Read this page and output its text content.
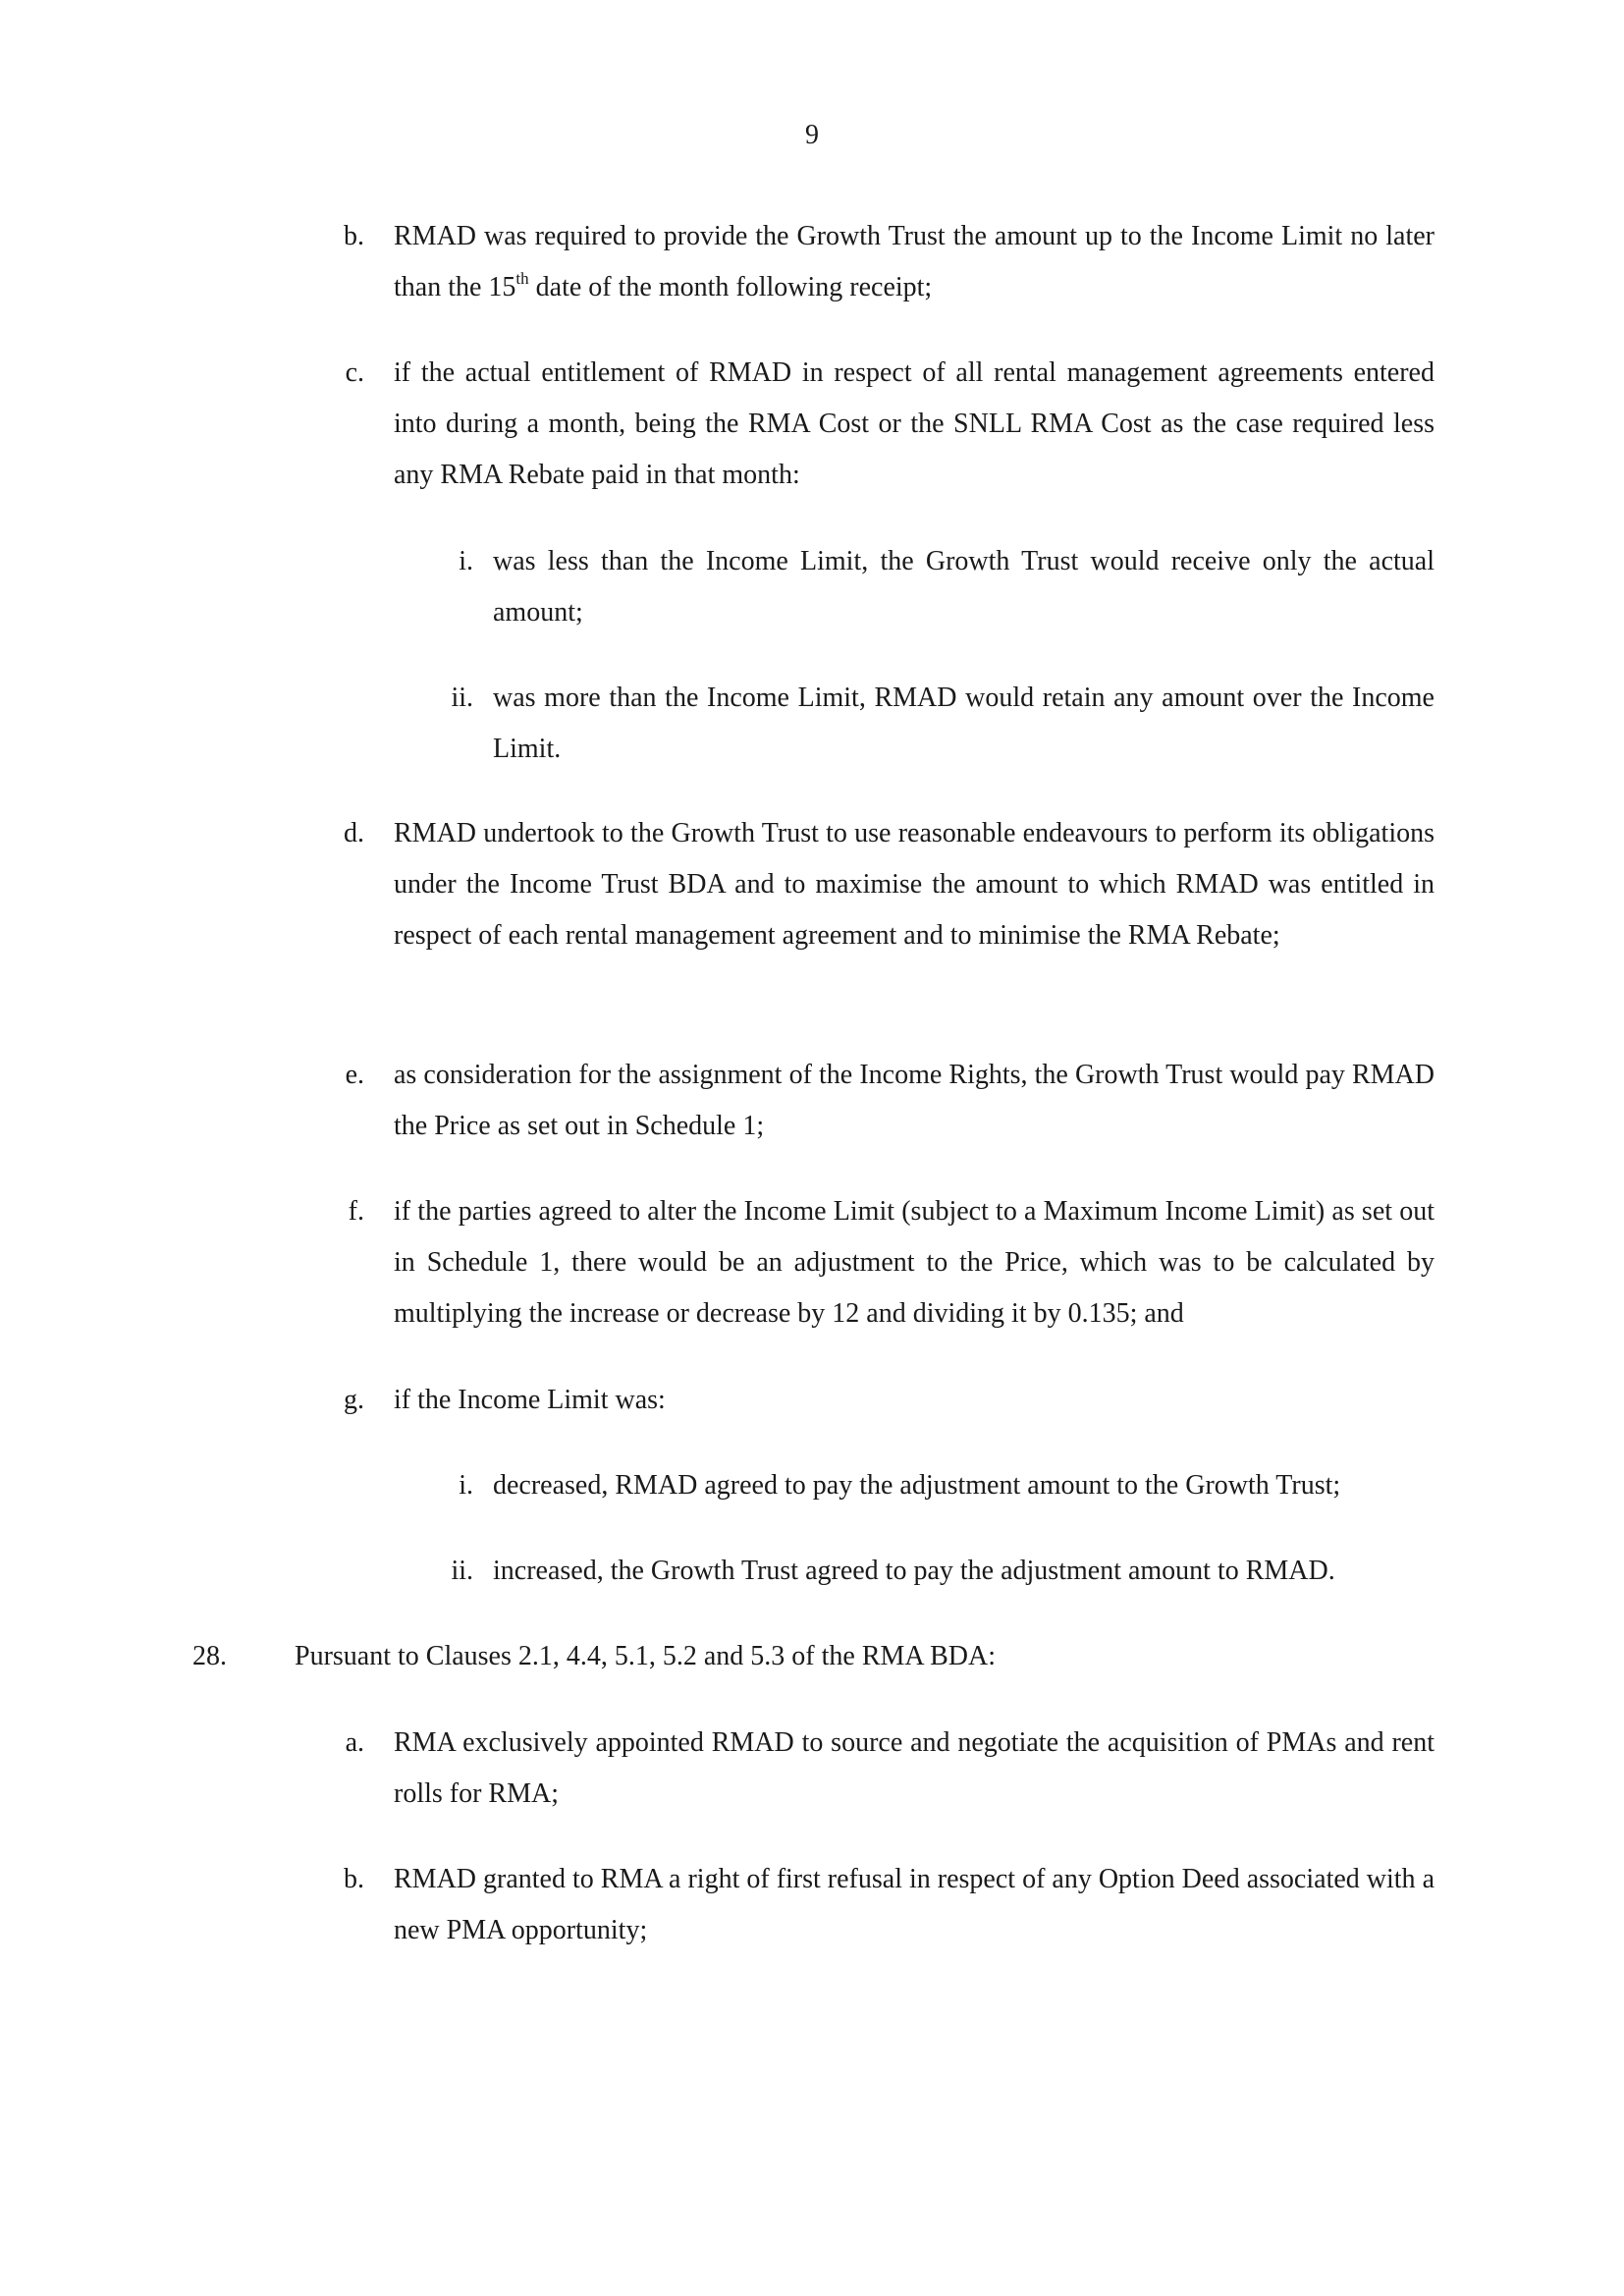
9
b. RMAD was required to provide the Growth Trust the amount up to the Income Limit no later than the 15th date of the month following receipt;
c. if the actual entitlement of RMAD in respect of all rental management agreements entered into during a month, being the RMA Cost or the SNLL RMA Cost as the case required less any RMA Rebate paid in that month:
i. was less than the Income Limit, the Growth Trust would receive only the actual amount;
ii. was more than the Income Limit, RMAD would retain any amount over the Income Limit.
d. RMAD undertook to the Growth Trust to use reasonable endeavours to perform its obligations under the Income Trust BDA and to maximise the amount to which RMAD was entitled in respect of each rental management agreement and to minimise the RMA Rebate;
e. as consideration for the assignment of the Income Rights, the Growth Trust would pay RMAD the Price as set out in Schedule 1;
f. if the parties agreed to alter the Income Limit (subject to a Maximum Income Limit) as set out in Schedule 1, there would be an adjustment to the Price, which was to be calculated by multiplying the increase or decrease by 12 and dividing it by 0.135; and
g. if the Income Limit was:
i. decreased, RMAD agreed to pay the adjustment amount to the Growth Trust;
ii. increased, the Growth Trust agreed to pay the adjustment amount to RMAD.
28. Pursuant to Clauses 2.1, 4.4, 5.1, 5.2 and 5.3 of the RMA BDA:
a. RMA exclusively appointed RMAD to source and negotiate the acquisition of PMAs and rent rolls for RMA;
b. RMAD granted to RMA a right of first refusal in respect of any Option Deed associated with a new PMA opportunity;
